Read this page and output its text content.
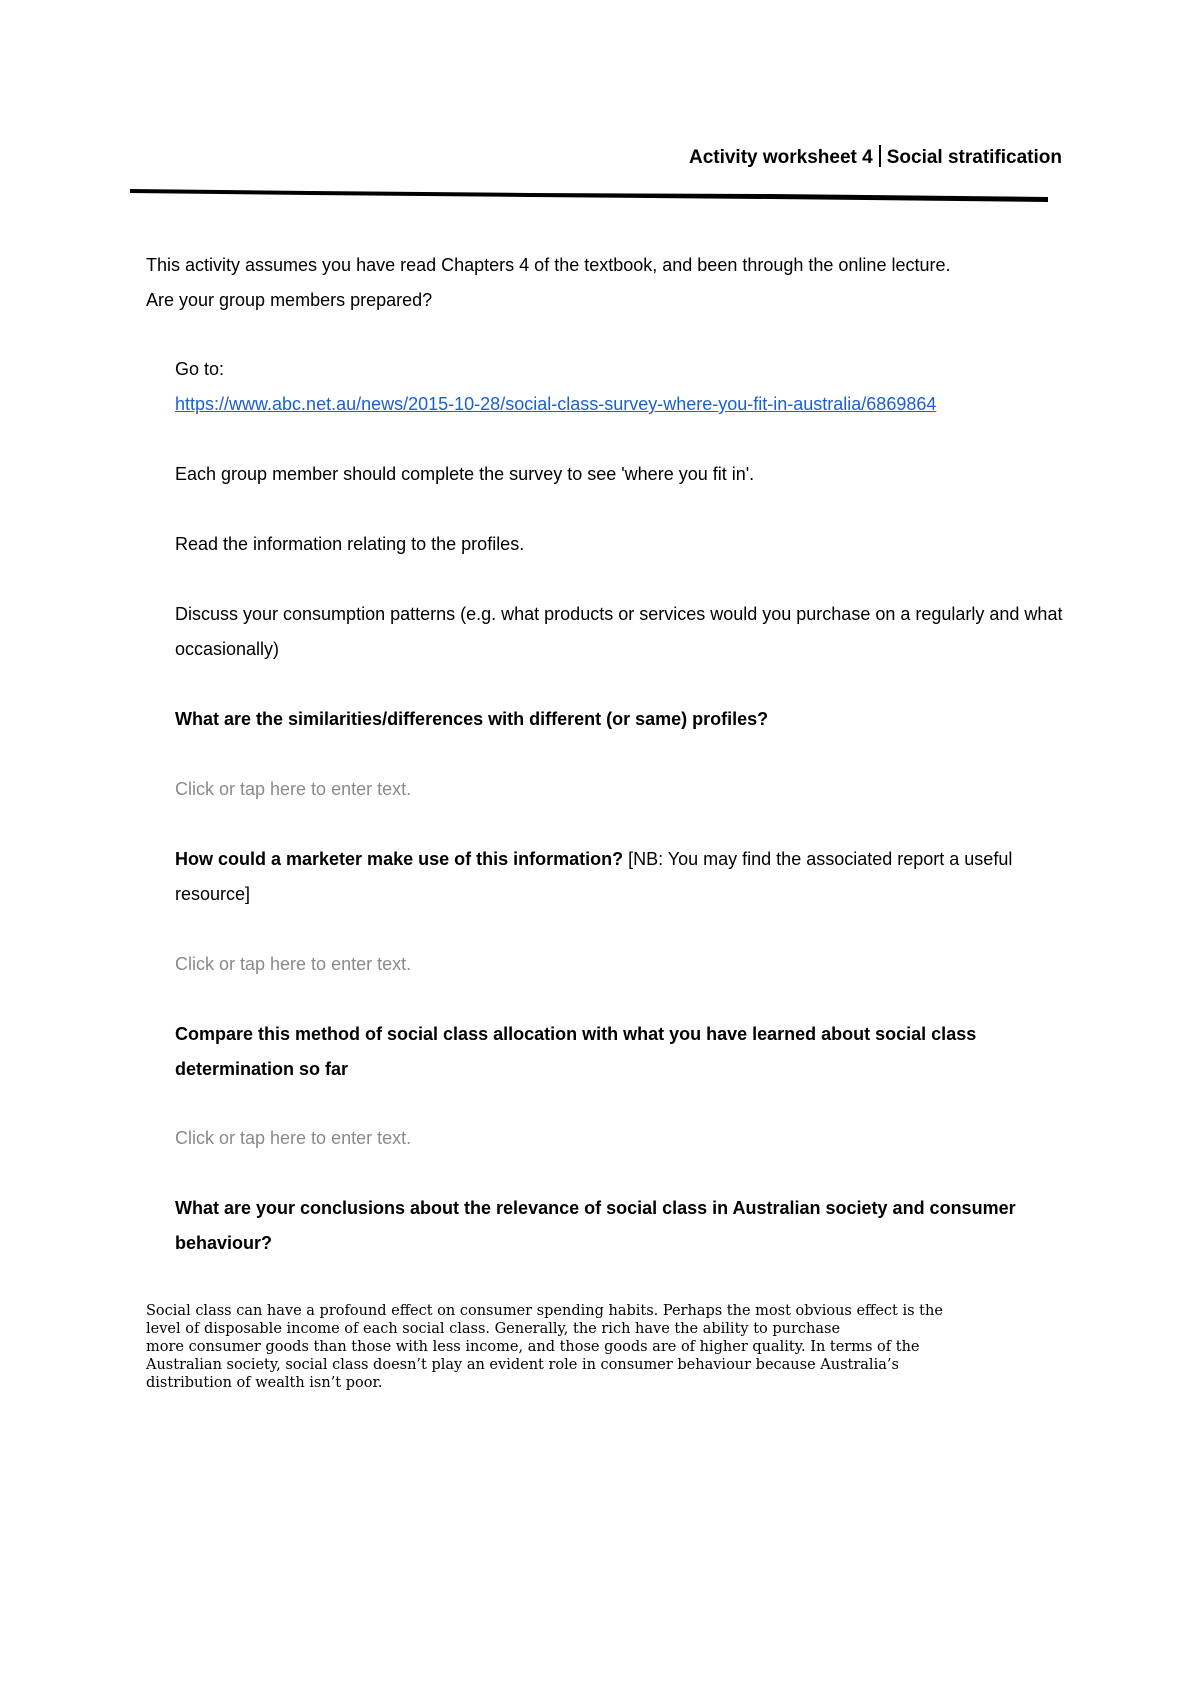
Activity worksheet 4 Social stratification
This activity assumes you have read Chapters 4 of the textbook, and been through the online lecture.
Are your group members prepared?
Go to:
https://www.abc.net.au/news/2015-10-28/social-class-survey-where-you-fit-in-australia/6869864
Each group member should complete the survey to see 'where you fit in'.
Read the information relating to the profiles.
Discuss your consumption patterns (e.g. what products or services would you purchase on a regularly and what occasionally)
What are the similarities/differences with different (or same) profiles?
Click or tap here to enter text.
How could a marketer make use of this information? [NB: You may find the associated report a useful resource]
Click or tap here to enter text.
Compare this method of social class allocation with what you have learned about social class determination so far
Click or tap here to enter text.
What are your conclusions about the relevance of social class in Australian society and consumer behaviour?
Social class can have a profound effect on consumer spending habits. Perhaps the most obvious effect is the
level of disposable income of each social class. Generally, the rich have the ability to purchase
more consumer goods than those with less income, and those goods are of higher quality. In terms of the
Australian society, social class doesn’t play an evident role in consumer behaviour because Australia’s
distribution of wealth isn’t poor.
